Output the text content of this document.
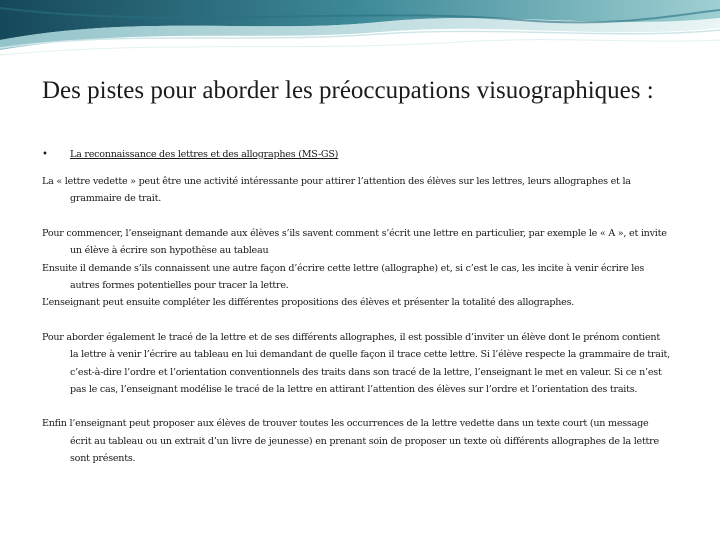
Des pistes pour aborder les préoccupations visuographiques :
•	La reconnaissance des lettres et des allographes (MS-GS)

La « lettre vedette » peut être une activité intéressante pour attirer l’attention des élèves sur les lettres, leurs allographes et la grammaire de trait.

Pour commencer, l’enseignant demande aux élèves s’ils savent comment s’écrit une lettre en particulier, par exemple le « A », et invite un élève à écrire son hypothèse au tableau

Ensuite il demande s’ils connaissent une autre façon d’écrire cette lettre (allographe) et, si c’est le cas, les incite à venir écrire les autres formes potentielles pour tracer la lettre.

L’enseignant peut ensuite compléter les différentes propositions des élèves et présenter la totalité des allographes.

Pour aborder également le tracé de la lettre et de ses différents allographes, il est possible d’inviter un élève dont le prénom contient la lettre à venir l’écrire au tableau en lui demandant de quelle façon il trace cette lettre. Si l’élève respecte la grammaire de trait, c’est-à-dire l’ordre et l’orientation conventionnels des traits dans son tracé de la lettre, l’enseignant le met en valeur. Si ce n’est pas le cas, l’enseignant modélise le tracé de la lettre en attirant l’attention des élèves sur l’ordre et l’orientation des traits.

Enfin l’enseignant peut proposer aux élèves de trouver toutes les occurrences de la lettre vedette dans un texte court (un message écrit au tableau ou un extrait d’un livre de jeunesse) en prenant soin de proposer un texte où différents allographes de la lettre sont présents.
